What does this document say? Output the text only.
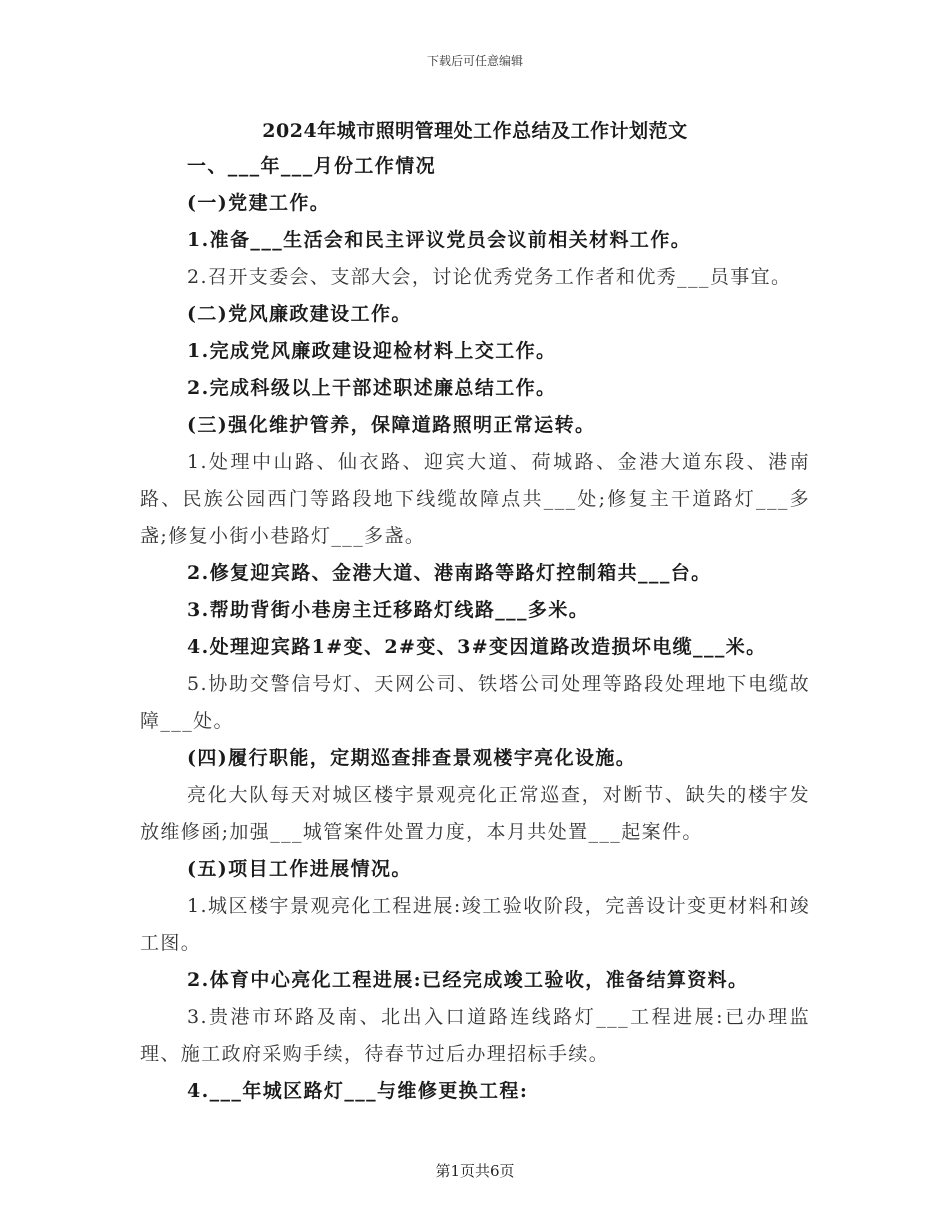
下载后可任意编辑
2024年城市照明管理处工作总结及工作计划范文

一、___年___月份工作情况

(一)党建工作。

1.准备___生活会和民主评议党员会议前相关材料工作。

2.召开支委会、支部大会，讨论优秀党务工作者和优秀___员事宜。

(二)党风廉政建设工作。

1.完成党风廉政建设迎检材料上交工作。

2.完成科级以上干部述职述廉总结工作。

(三)强化维护管养，保障道路照明正常运转。

1.处理中山路、仙衣路、迎宾大道、荷城路、金港大道东段、港南路、民族公园西门等路段地下线缆故障点共___处;修复主干道路灯___多盏;修复小街小巷路灯___多盏。

2.修复迎宾路、金港大道、港南路等路灯控制箱共___台。

3.帮助背街小巷房主迁移路灯线路___多米。

4.处理迎宾路1#变、2#变、3#变因道路改造损坏电缆___米。

5.协助交警信号灯、天网公司、铁塔公司处理等路段处理地下电缆故障___处。

(四)履行职能，定期巡查排查景观楼宇亮化设施。

亮化大队每天对城区楼宇景观亮化正常巡查，对断节、缺失的楼宇发放维修函;加强___城管案件处置力度，本月共处置___起案件。

(五)项目工作进展情况。

1.城区楼宇景观亮化工程进展:竣工验收阶段，完善设计变更材料和竣工图。

2.体育中心亮化工程进展:已经完成竣工验收，准备结算资料。

3.贵港市环路及南、北出入口道路连线路灯___工程进展:已办理监理、施工政府采购手续，待春节过后办理招标手续。

4.___年城区路灯___与维修更换工程:

第1页共6页
